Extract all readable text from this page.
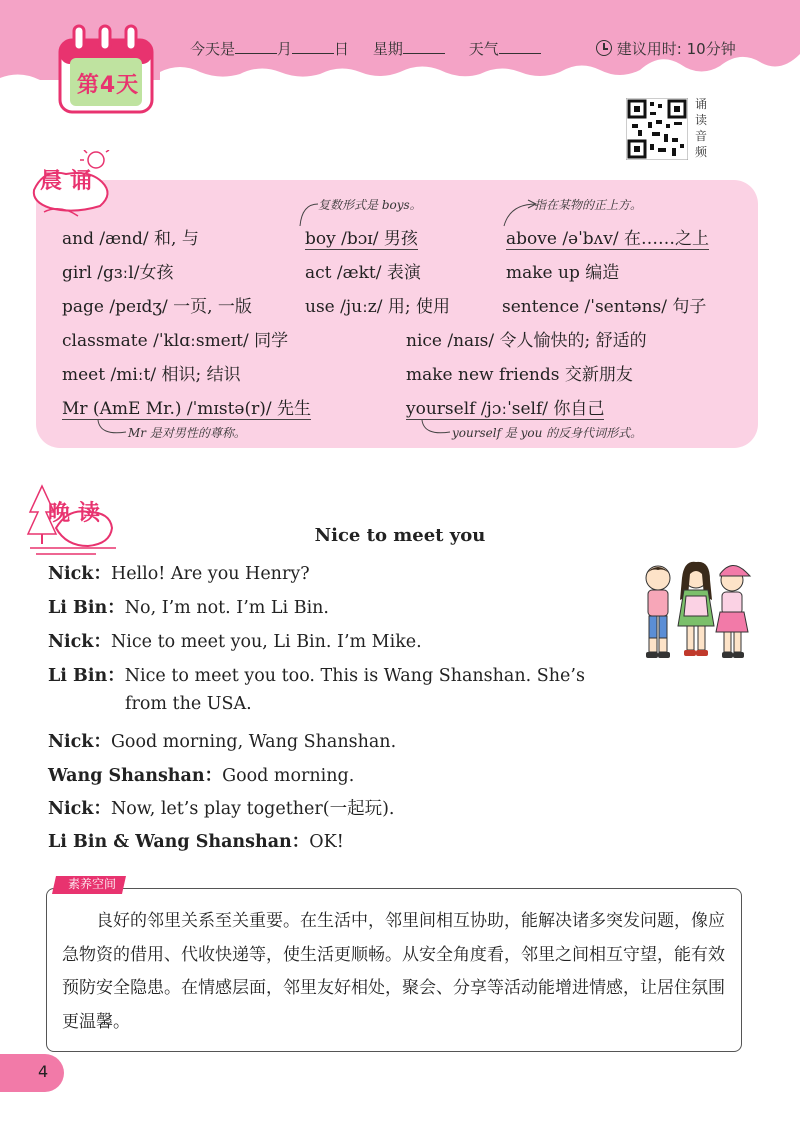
今天是	月	日 星期	天气	建议用时: 10分钟
第4天
诵读音频
晨诵
复数形式是 boys。	指在某物的正上方。
and /ænd/ 和, 与	boy /bɔɪ/ 男孩	above /əˈbʌv/ 在……之上
girl /gɜːl/女孩	act /ækt/ 表演	make up 编造
page /peɪdʒ/ 一页, 一版	use /juːz/ 用; 使用	sentence /ˈsentəns/ 句子
classmate /ˈklɑːsmeɪt/ 同学	nice /naɪs/ 令人愉快的; 舒适的
meet /miːt/ 相识; 结识	make new friends 交新朋友
Mr (AmE Mr.) /ˈmɪstə(r)/ 先生	yourself /jɔːˈself/ 你自己
Mr 是对男性的尊称。	yourself 是 you 的反身代词形式。
晚读
Nice to meet you
Nick：Hello! Are you Henry?
Li Bin：No, I’m not. I’m Li Bin.
Nick：Nice to meet you, Li Bin. I’m Mike.
Li Bin：Nice to meet you too. This is Wang Shanshan. She’s
from the USA.
Nick：Good morning, Wang Shanshan.
Wang Shanshan：Good morning.
Nick：Now, let’s play together(一起玩).
Li Bin & Wang Shanshan：OK!
素养空间
良好的邻里关系至关重要。在生活中，邻里间相互协助，能解决诸多突发问题，像应急物资的借用、代收快递等，使生活更顺畅。从安全角度看，邻里之间相互守望，能有效预防安全隐患。在情感层面，邻里友好相处，聚会、分享等活动能增进情感，让居住氛围更温馨。
4
